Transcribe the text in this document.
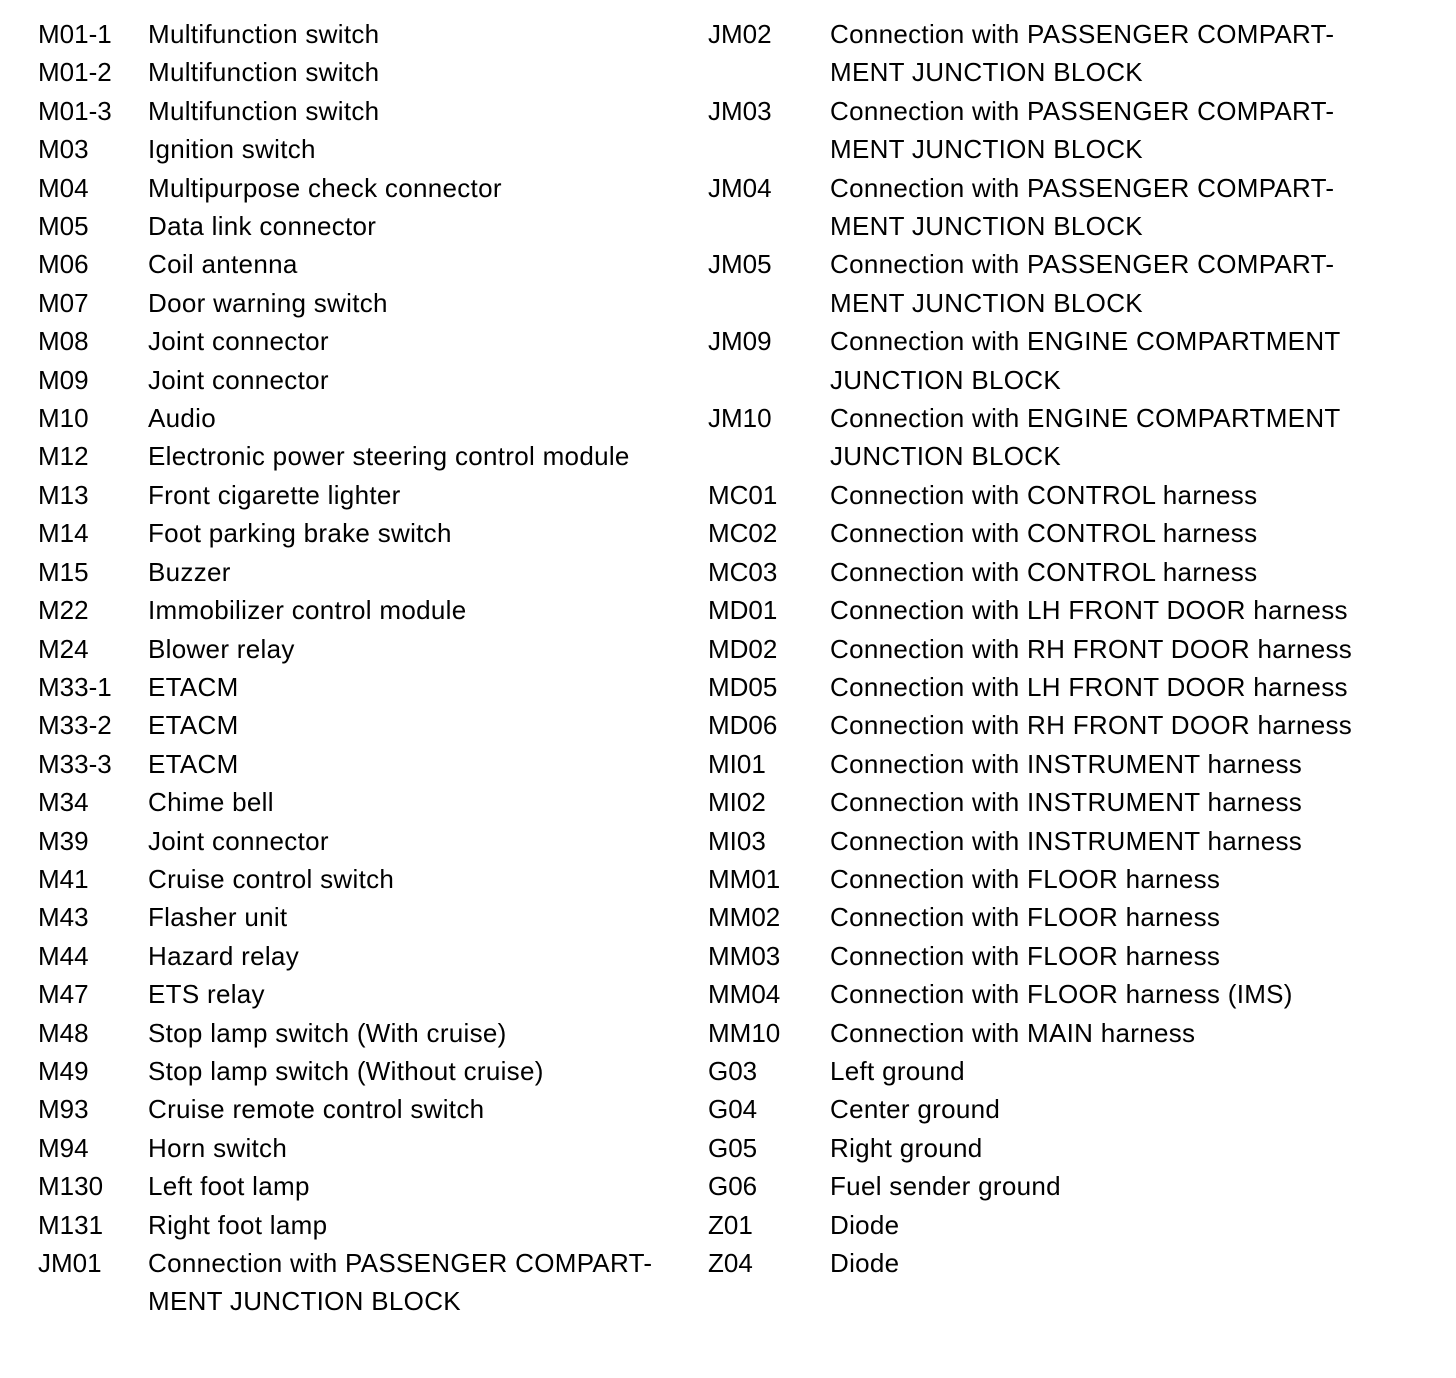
M01-1	Multifunction switch
M01-2	Multifunction switch
M01-3	Multifunction switch
M03	Ignition switch
M04	Multipurpose check connector
M05	Data link connector
M06	Coil antenna
M07	Door warning switch
M08	Joint connector
M09	Joint connector
M10	Audio
M12	Electronic power steering control module
M13	Front cigarette lighter
M14	Foot parking brake switch
M15	Buzzer
M22	Immobilizer control module
M24	Blower relay
M33-1	ETACM
M33-2	ETACM
M33-3	ETACM
M34	Chime bell
M39	Joint connector
M41	Cruise control switch
M43	Flasher unit
M44	Hazard relay
M47	ETS relay
M48	Stop lamp switch (With cruise)
M49	Stop lamp switch (Without cruise)
M93	Cruise remote control switch
M94	Horn switch
M130	Left foot lamp
M131	Right foot lamp
JM01	Connection with PASSENGER COMPART-
MENT JUNCTION BLOCK
JM02	Connection with PASSENGER COMPART-
MENT JUNCTION BLOCK
JM03	Connection with PASSENGER COMPART-
MENT JUNCTION BLOCK
JM04	Connection with PASSENGER COMPART-
MENT JUNCTION BLOCK
JM05	Connection with PASSENGER COMPART-
MENT JUNCTION BLOCK
JM09	Connection with ENGINE COMPARTMENT
JUNCTION BLOCK
JM10	Connection with ENGINE COMPARTMENT
JUNCTION BLOCK
MC01	Connection with CONTROL harness
MC02	Connection with CONTROL harness
MC03	Connection with CONTROL harness
MD01	Connection with LH FRONT DOOR harness
MD02	Connection with RH FRONT DOOR harness
MD05	Connection with LH FRONT DOOR harness
MD06	Connection with RH FRONT DOOR harness
MI01	Connection with INSTRUMENT harness
MI02	Connection with INSTRUMENT harness
MI03	Connection with INSTRUMENT harness
MM01	Connection with FLOOR harness
MM02	Connection with FLOOR harness
MM03	Connection with FLOOR harness
MM04	Connection with FLOOR harness (IMS)
MM10	Connection with MAIN harness
G03	Left ground
G04	Center ground
G05	Right ground
G06	Fuel sender ground
Z01	Diode
Z04	Diode
